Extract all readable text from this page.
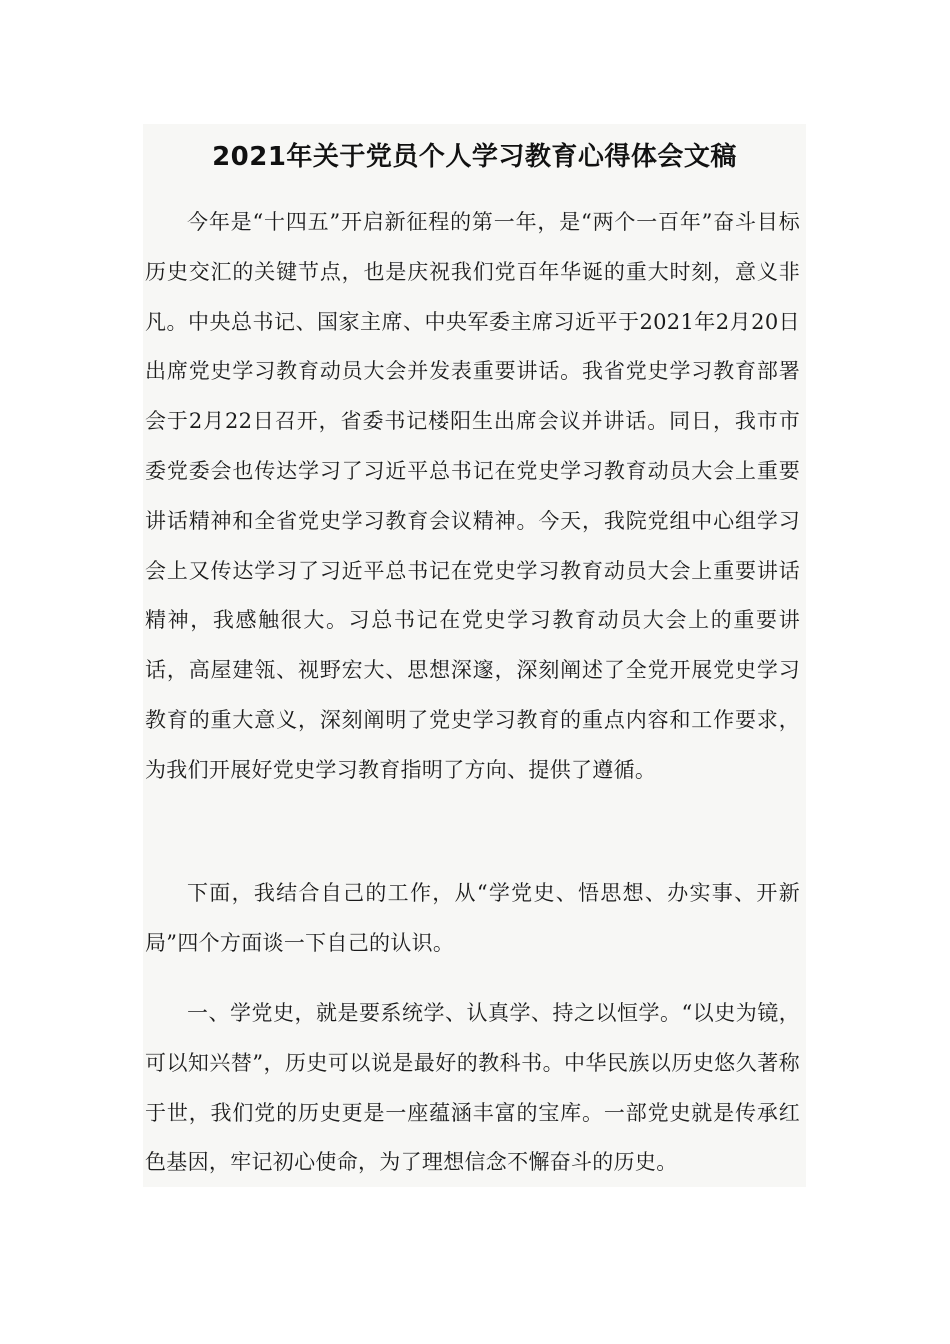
2021年关于党员个人学习教育心得体会文稿

今年是“十四五”开启新征程的第一年，是“两个一百年”奋斗目标历史交汇的关键节点，也是庆祝我们党百年华诞的重大时刻，意义非凡。中央总书记、国家主席、中央军委主席习近平于2021年2月20日出席党史学习教育动员大会并发表重要讲话。我省党史学习教育部署会于2月22日召开，省委书记楼阳生出席会议并讲话。同日，我市市委党委会也传达学习了习近平总书记在党史学习教育动员大会上重要讲话精神和全省党史学习教育会议精神。今天，我院党组中心组学习会上又传达学习了习近平总书记在党史学习教育动员大会上重要讲话精神，我感触很大。习总书记在党史学习教育动员大会上的重要讲话，高屋建瓴、视野宏大、思想深邃，深刻阐述了全党开展党史学习教育的重大意义，深刻阐明了党史学习教育的重点内容和工作要求，为我们开展好党史学习教育指明了方向、提供了遵循。

下面，我结合自己的工作，从“学党史、悟思想、办实事、开新局”四个方面谈一下自己的认识。

一、学党史，就是要系统学、认真学、持之以恒学。“以史为镜，可以知兴替”，历史可以说是最好的教科书。中华民族以历史悠久著称于世，我们党的历史更是一座蕴涵丰富的宝库。一部党史就是传承红色基因，牢记初心使命，为了理想信念不懈奋斗的历史。
